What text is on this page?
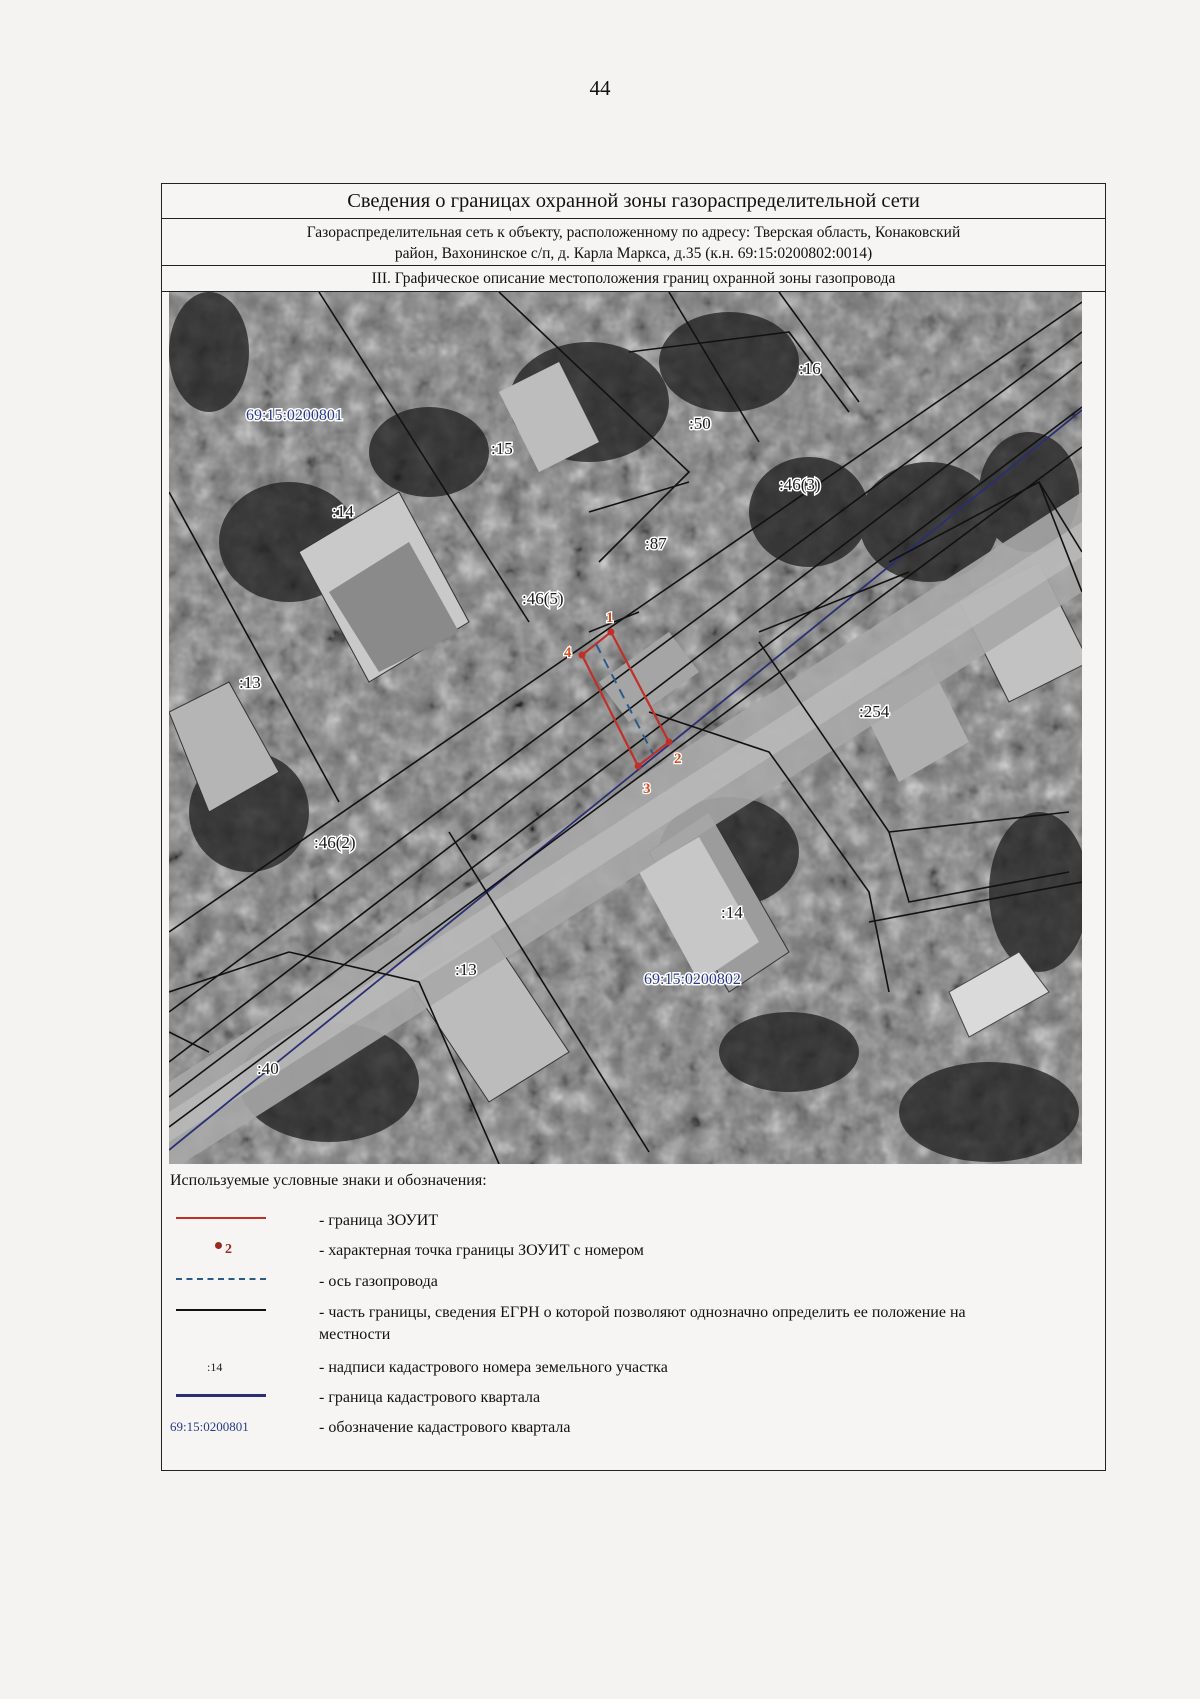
44
Сведения о границах охранной зоны газораспределительной сети
Газораспределительная сеть к объекту, расположенному по адресу: Тверская область, Конаковский
район, Вахонинское с/п, д. Карла Маркса, д.35 (к.н. 69:15:0200802:0014)
III. Графическое описание местоположения границ охранной зоны газопровода
:16
:50
:15
:14
:46(3)
:87
:46(5)
:13
:254
:46(2)
:14
:13
:40
69:15:0200801
69:15:0200802
1
2
3
4
Используемые условные знаки и обозначения:
- граница ЗОУИТ
2	- характерная точка границы ЗОУИТ с номером
- ось газопровода
- часть границы, сведения ЕГРН о которой позволяют однозначно определить ее положение на местности
:14	- надписи кадастрового номера земельного участка
- граница кадастрового квартала
69:15:0200801	- обозначение кадастрового квартала
